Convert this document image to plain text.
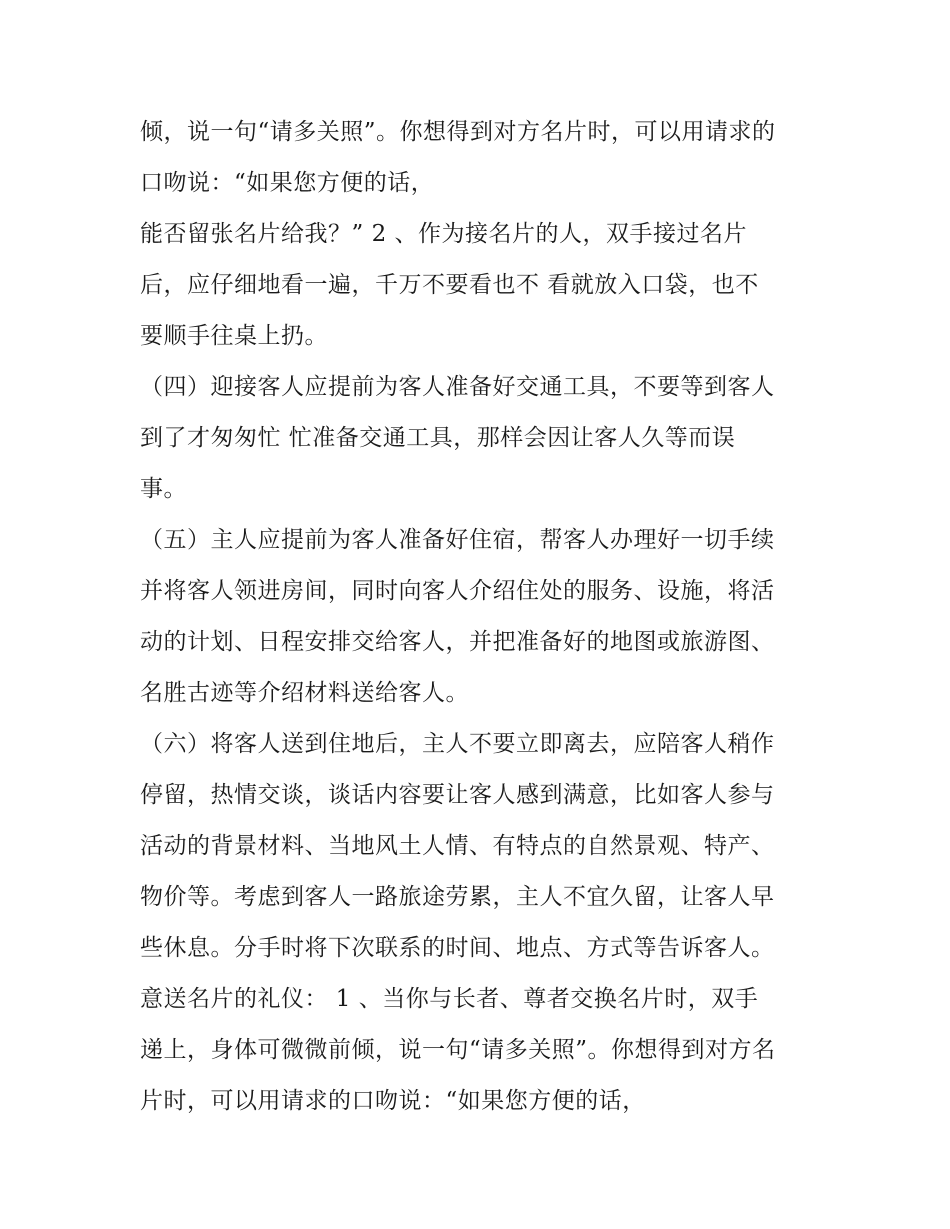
倾，说一句“请多关照”。你想得到对方名片时，可以用请求的
口吻说：“如果您方便的话，
能否留张名片给我？” 2 、作为接名片的人，双手接过名片
后，应仔细地看一遍，千万不要看也不 看就放入口袋，也不
要顺手往桌上扔。
（四）迎接客人应提前为客人准备好交通工具，不要等到客人
到了才匆匆忙 忙准备交通工具，那样会因让客人久等而误
事。
（五）主人应提前为客人准备好住宿，帮客人办理好一切手续
并将客人领进房间，同时向客人介绍住处的服务、设施，将活
动的计划、日程安排交给客人，并把准备好的地图或旅游图、
名胜古迹等介绍材料送给客人。
（六）将客人送到住地后，主人不要立即离去，应陪客人稍作
停留，热情交谈，谈话内容要让客人感到满意，比如客人参与
活动的背景材料、当地风土人情、有特点的自然景观、特产、
物价等。考虑到客人一路旅途劳累，主人不宜久留，让客人早
些休息。分手时将下次联系的时间、地点、方式等告诉客人。
意送名片的礼仪： 1 、当你与长者、尊者交换名片时，双手
递上，身体可微微前倾，说一句“请多关照”。你想得到对方名
片时，可以用请求的口吻说：“如果您方便的话，
